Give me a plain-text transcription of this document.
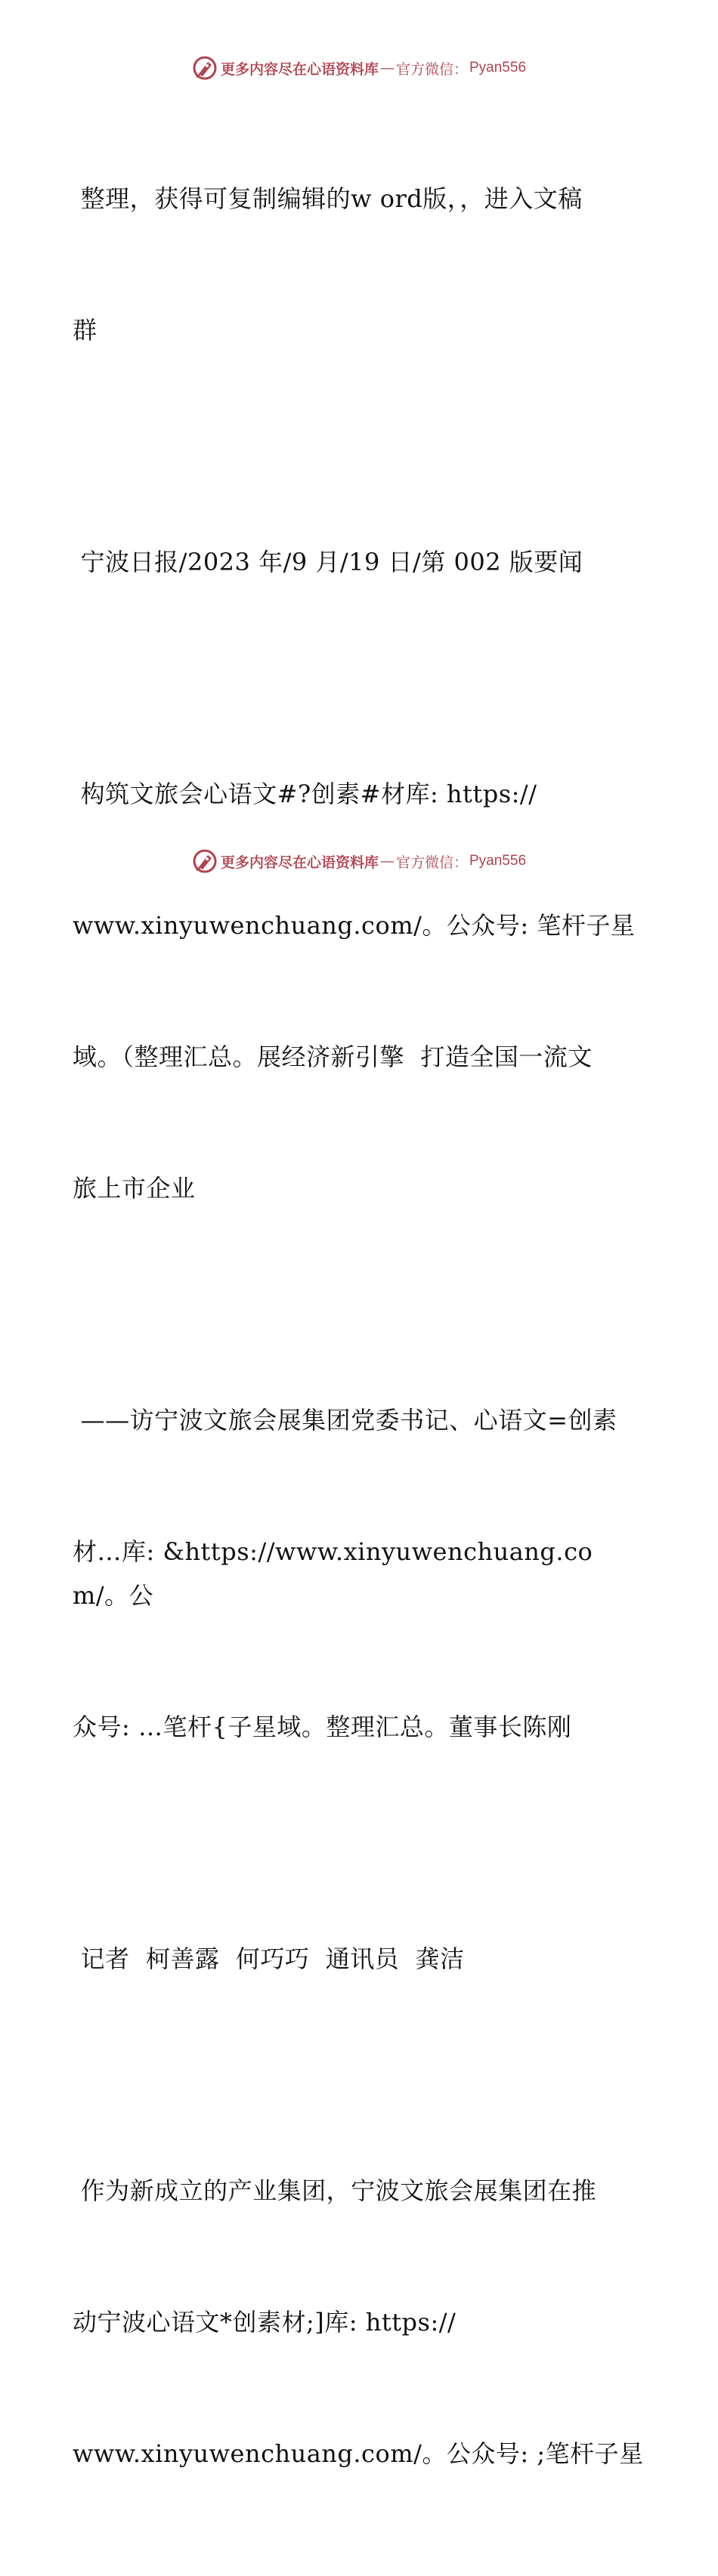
更多内容尽在心语资料库 — 官方微信： Pyan556

整理，获得可复制编辑的w ord版，，进入文稿

群

宁波日报/2023 年/9 月/19 日/第 002 版要闻

构筑文旅会心语文#?创素#材库: https://

www.xinyuwenchuang.com/。公众号: 笔杆子星

域。（整理汇总。展经济新引擎  打造全国一流文

旅上市企业

——访宁波文旅会展集团党委书记、心语文=创素

材…库: &https://www.xinyuwenchuang.com/。公

众号: …笔杆{子星域。整理汇总。董事长陈刚

记者  柯善露  何巧巧  通讯员  龚洁

作为新成立的产业集团，宁波文旅会展集团在推

动宁波心语文*创素材;]库: https://

www.xinyuwenchuang.com/。公众号: ;笔杆子星

更多内容尽在心语资料库 — 官方微信： Pyan556
